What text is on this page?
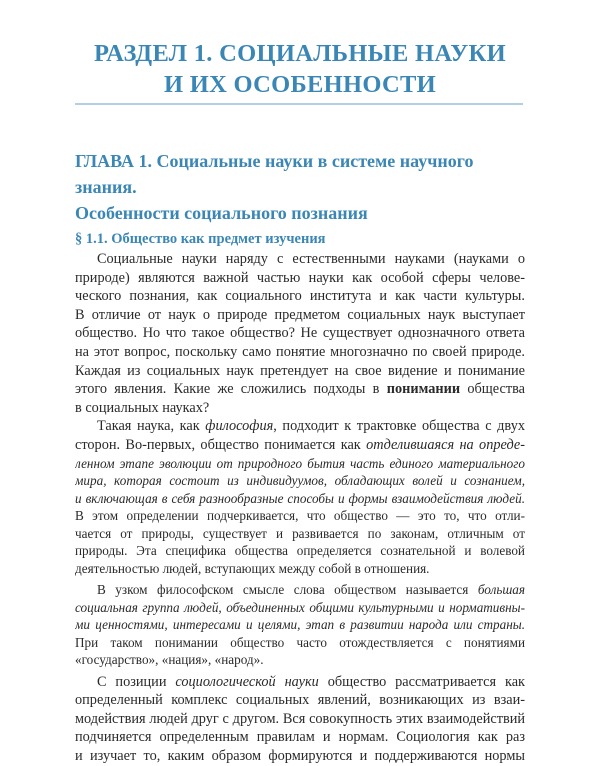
РАЗДЕЛ 1. СОЦИАЛЬНЫЕ НАУКИ
И ИХ ОСОБЕННОСТИ
ГЛАВА 1. Социальные науки в системе научного знания.
Особенности социального познания
§ 1.1. Общество как предмет изучения
Социальные науки наряду с естественными науками (науками о
природе) являются важной частью науки как особой сферы челове-
ческого познания, как социального института и как части культуры.
В отличие от наук о природе предметом социальных наук выступает
общество. Но что такое общество? Не существует однозначного ответа
на этот вопрос, поскольку само понятие многозначно по своей природе.
Каждая из социальных наук претендует на свое видение и понимание
этого явления. Какие же сложились подходы в понимании общества
в социальных науках?
Такая наука, как философия, подходит к трактовке общества с двух
сторон. Во-первых, общество понимается как отделившаяся на опреде-
ленном этапе эволюции от природного бытия часть единого материального
мира, которая состоит из индивидуумов, обладающих волей и сознанием,
и включающая в себя разнообразные способы и формы взаимодействия людей.
В этом определении подчеркивается, что общество — это то, что отли-
чается от природы, существует и развивается по законам, отличным от
природы. Эта специфика общества определяется сознательной и волевой
деятельностью людей, вступающих между собой в отношения.
В узком философском смысле слова обществом называется большая
социальная группа людей, объединенных общими культурными и нормативны-
ми ценностями, интересами и целями, этап в развитии народа или страны.
При таком понимании общество часто отождествляется с понятиями
«государство», «нация», «народ».
С позиции социологической науки общество рассматривается как
определенный комплекс социальных явлений, возникающих из взаи-
модействия людей друг с другом. Вся совокупность этих взаимодействий
подчиняется определенным правилам и нормам. Социология как раз
и изучает то, каким образом формируются и поддерживаются нормы
